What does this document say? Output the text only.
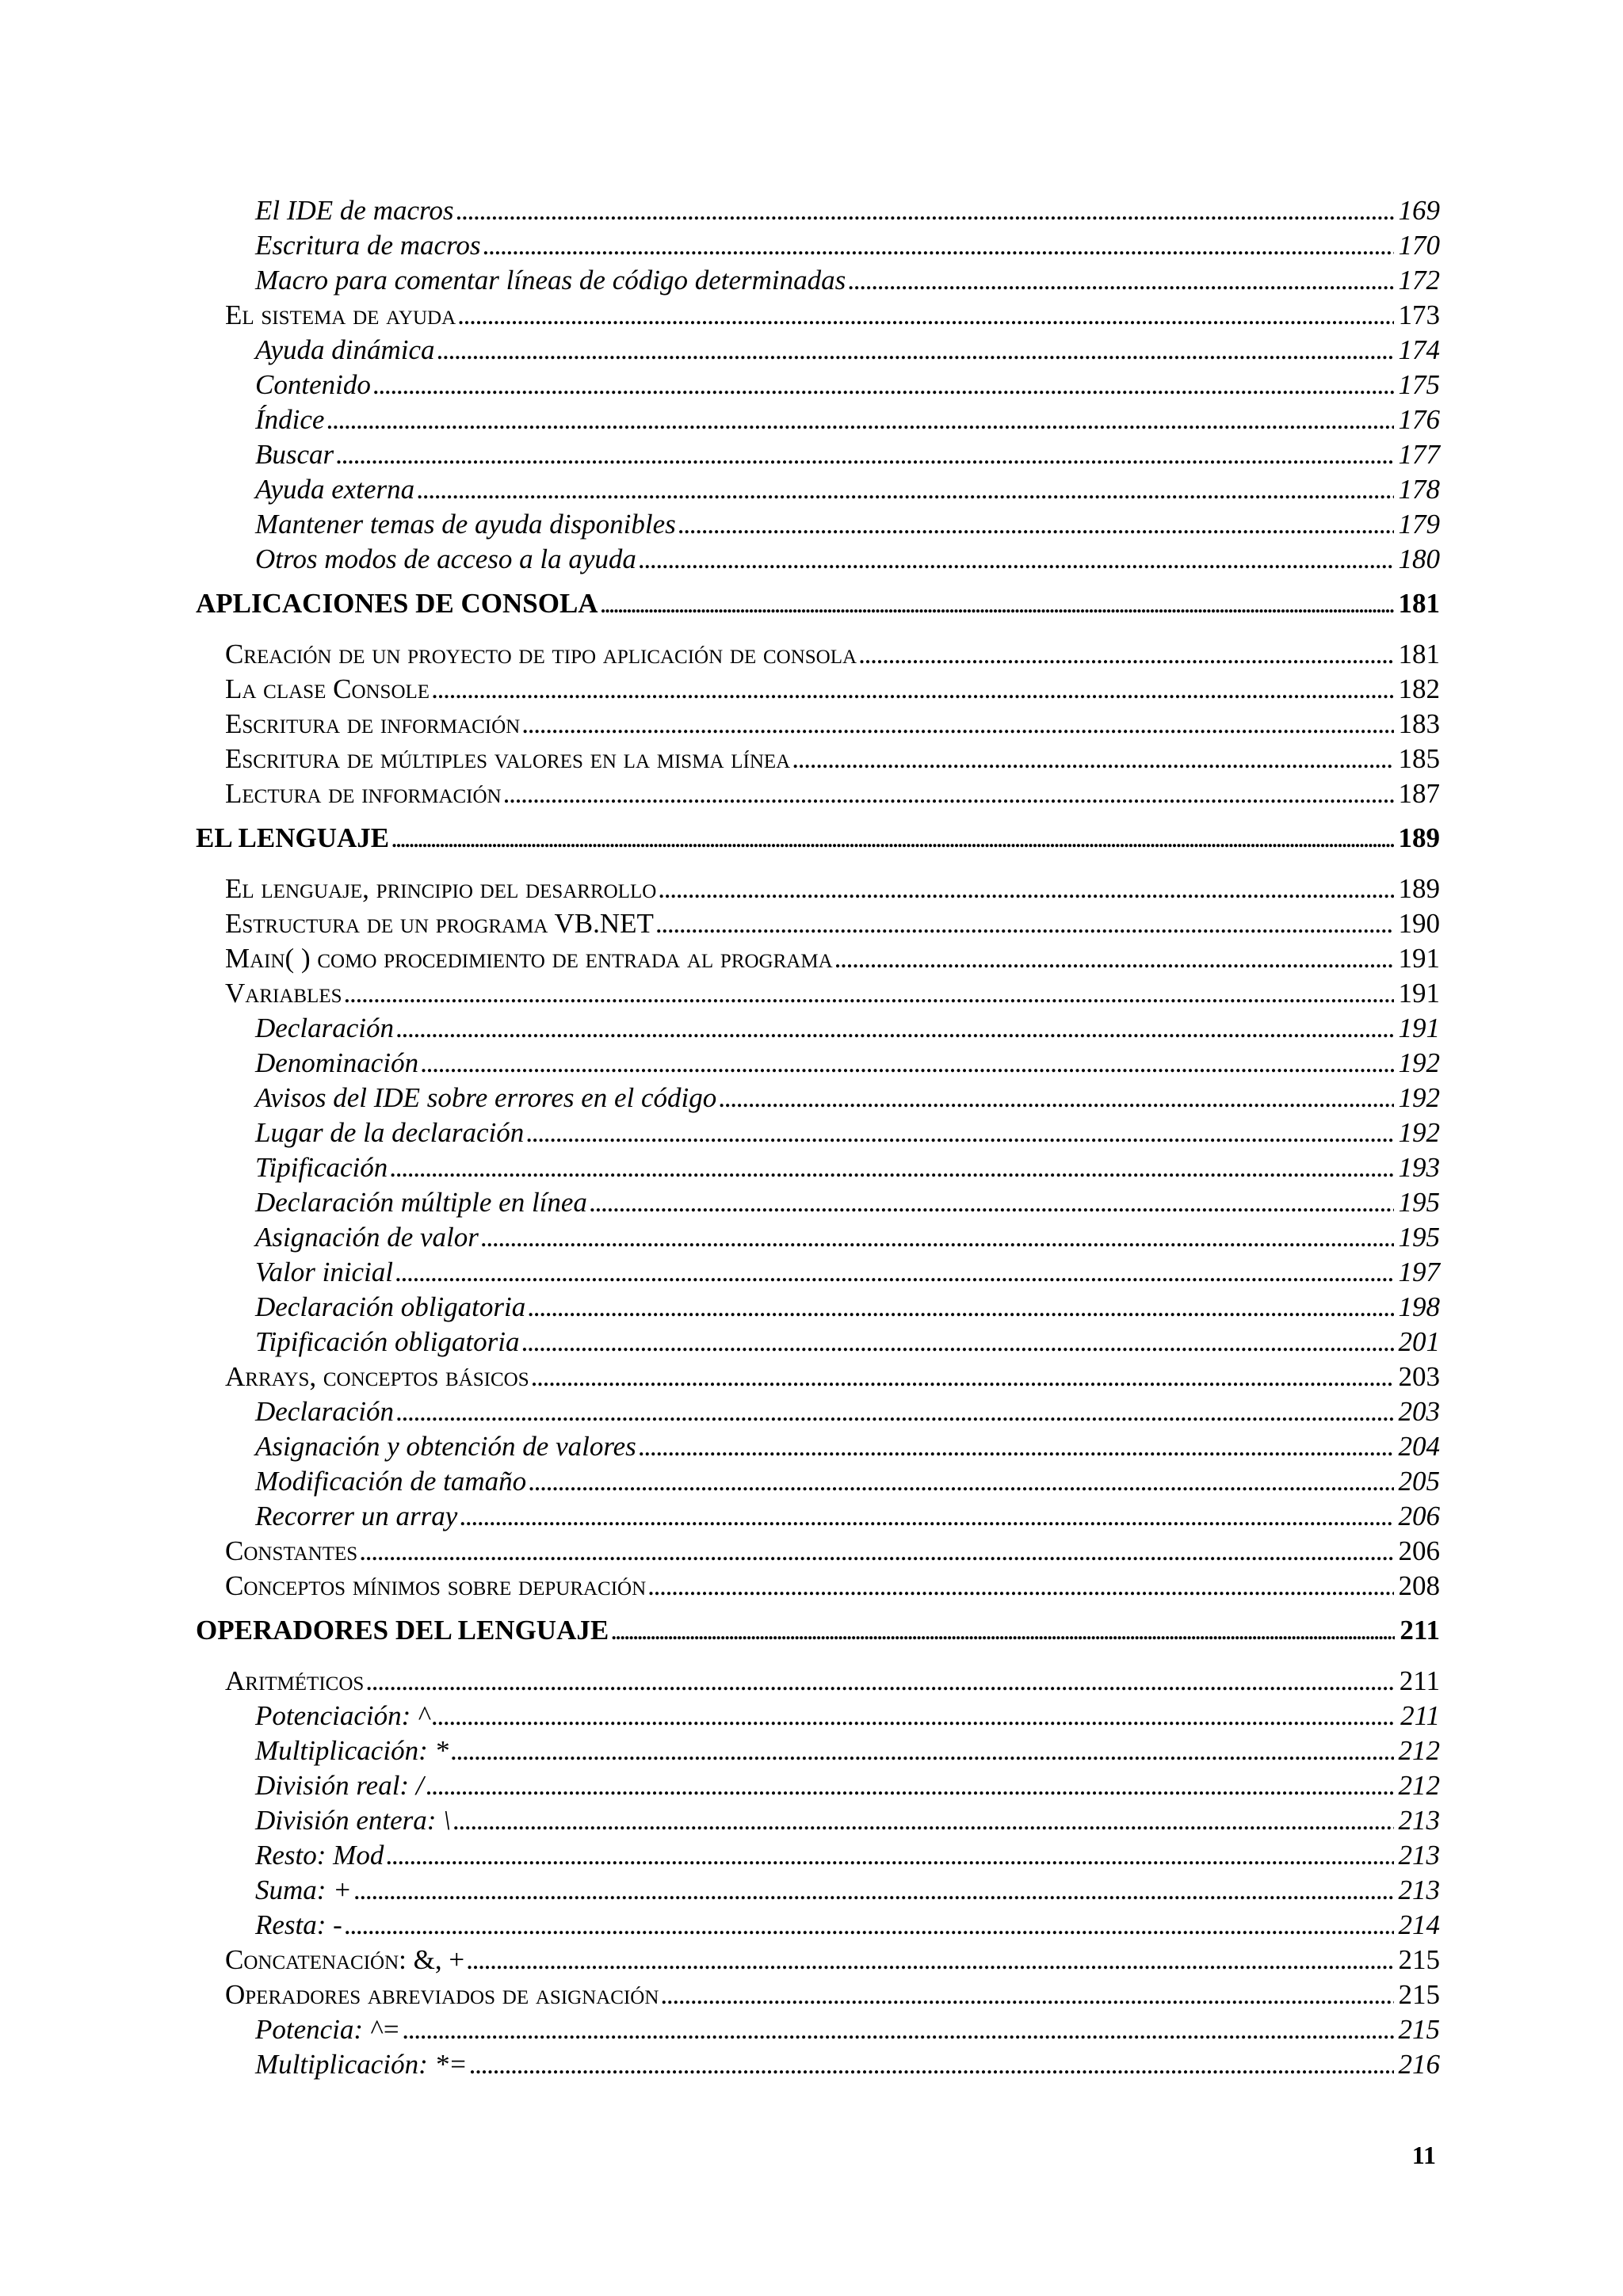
El IDE de macros . . .	169
Escritura de macros . . .	170
Macro para comentar líneas de código determinadas . . .	172
El sistema de ayuda . . .	173
Ayuda dinámica . . .	174
Contenido . . .	175
Índice . . .	176
Buscar . . .	177
Ayuda externa . . .	178
Mantener temas de ayuda disponibles . . .	179
Otros modos de acceso a la ayuda . . .	180
APLICACIONES DE CONSOLA . . .	181
Creación de un proyecto de tipo aplicación de consola . . .	181
La clase Console . . .	182
Escritura de información . . .	183
Escritura de múltiples valores en la misma línea . . .	185
Lectura de información . . .	187
EL LENGUAJE . . .	189
El lenguaje, principio del desarrollo . . .	189
Estructura de un programa VB.NET . . .	190
Main( ) como procedimiento de entrada al programa . . .	191
Variables . . .	191
Declaración . . .	191
Denominación . . .	192
Avisos del IDE sobre errores en el código . . .	192
Lugar de la declaración . . .	192
Tipificación . . .	193
Declaración múltiple en línea . . .	195
Asignación de valor . . .	195
Valor inicial . . .	197
Declaración obligatoria . . .	198
Tipificación obligatoria . . .	201
Arrays, conceptos básicos . . .	203
Declaración . . .	203
Asignación y obtención de valores . . .	204
Modificación de tamaño . . .	205
Recorrer un array . . .	206
Constantes . . .	206
Conceptos mínimos sobre depuración . . .	208
OPERADORES DEL LENGUAJE . . .	211
Aritméticos . . .	211
Potenciación: ^ . . .	211
Multiplicación: * . . .	212
División real: / . . .	212
División entera: \ . . .	213
Resto: Mod . . .	213
Suma: + . . .	213
Resta: - . . .	214
Concatenación: &, + . . .	215
Operadores abreviados de asignación . . .	215
Potencia: ^= . . .	215
Multiplicación: *= . . .	216
11
